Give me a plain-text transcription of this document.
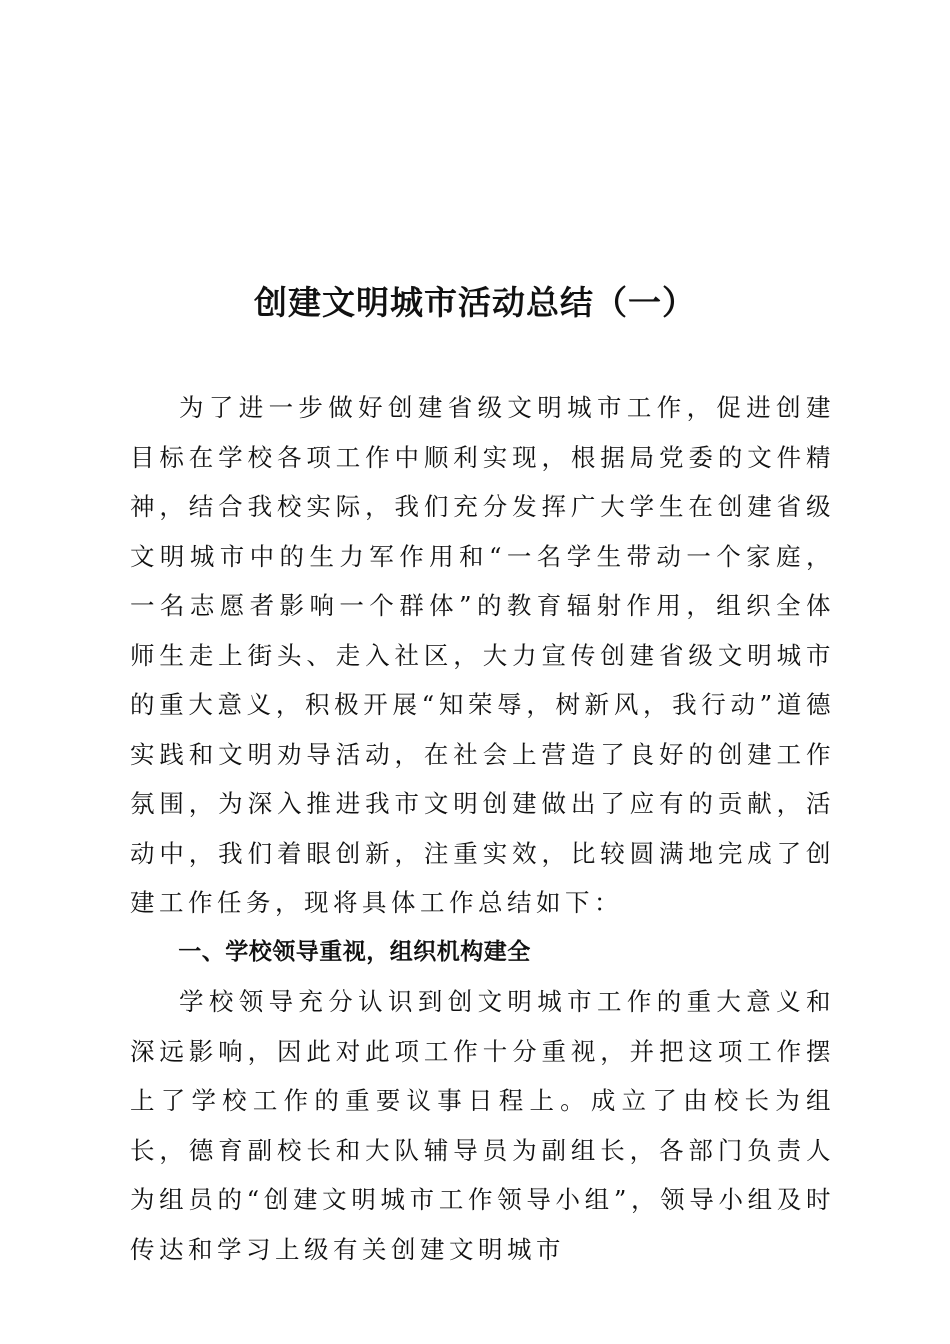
创建文明城市活动总结（一）

为了进一步做好创建省级文明城市工作，促进创建目标在学校各项工作中顺利实现，根据局党委的文件精神，结合我校实际，我们充分发挥广大学生在创建省级文明城市中的生力军作用和“一名学生带动一个家庭，一名志愿者影响一个群体”的教育辐射作用，组织全体师生走上街头、走入社区，大力宣传创建省级文明城市的重大意义，积极开展“知荣辱，树新风，我行动”道德实践和文明劝导活动，在社会上营造了良好的创建工作氛围，为深入推进我市文明创建做出了应有的贡献，活动中，我们着眼创新，注重实效，比较圆满地完成了创建工作任务，现将具体工作总结如下：

一、学校领导重视，组织机构建全

学校领导充分认识到创文明城市工作的重大意义和深远影响，因此对此项工作十分重视，并把这项工作摆上了学校工作的重要议事日程上。成立了由校长为组长，德育副校长和大队辅导员为副组长，各部门负责人为组员的“创建文明城市工作领导小组”，领导小组及时传达和学习上级有关创建文明城市
